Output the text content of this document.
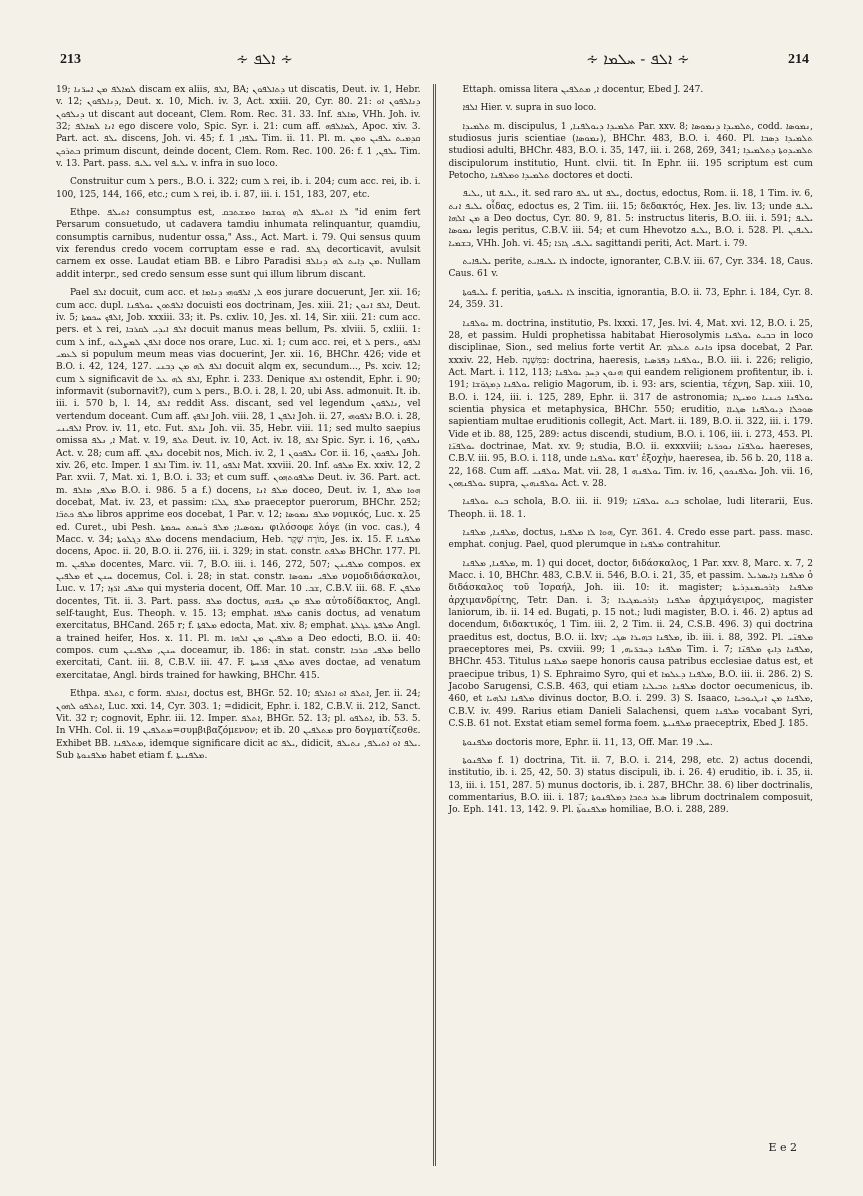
213	∻ ܐܠܦ ∻	∻ ܐܠܦ - ܚܠܡܐ ∻	214

19; ܠܡܐܠܦ ܡܢ ܐܚܪ̈ܢܐ discam ex aliis, ܐܠܦ, BA; ܕܬܐܠܦܘܢ ut discatis, Deut. iv. 1, Hebr. v. 12; ܕܢܐܠܦܘܢ, Deut. x. 10, Mich. iv. 3, Act. xxiii. 20, Cyr. 80. 21: ܕܢܐܠܦܘܢ ܐܘ ܕܢܠܦܘܢ ut discant aut doceant, Clem. Rom. Rec. 31. 33. Inf. ܡܐܠܦ, VHh. Joh. iv. 32; ܐܢܐ ܠܡܐܠܦ ego discere volo, Spic. Syr. i. 21: cum aff. ܠܡܐܠܦܗ, Apoc. xiv. 3. Part. act. ܝܠܦ discens, Joh. vi. 45; f. ܝܠܦܐ, 1 Tim. ii. 11. Pl. m. ܩܕܡܝܬ ܝܠܦܝܢ ܘܡܢ ܒܬܪܟܢ primum discunt, deinde docent, Clem. Rom. Rec. 100. 26: f. ܝܠܦܢ, 1 Tim. v. 13. Part. pass. ܝܠܝܦ vel ܝܠܝܦ v. infra in suo loco.

Construitur cum ܠ pers., B.O. i. 322; cum ܠ rei, ib. i. 204; cum acc. rei, ib. i. 100, 125, 144, 166, etc.; cum ܠ rei, ib. i. 87, iii. i. 151, 183, 207, etc.

Ethpe. ܐܬܝܠܦ consumptus est, ܠܐ ܐܬܝܠܦ ܠܗ ܓܘܫܡܐ ܘܡܫܬܒܩ "id enim fert Persarum consuetudo, ut cadavera tamdiu inhumata relinquantur, quamdiu, consumptis carnibus, nudentur ossa," Ass., Act. Mart. i. 79. Qui sensus quum vix ferendus credo vocem corruptam esse e rad. ܓܠܦ decorticavit, avulsit carnem ex osse. Laudat etiam BB. e Libro Paradisi ܡܢ ܕܐܝܬ ܠܗ ܕܢܐܠܦ. Nullam addit interpr., sed credo sensum esse sunt qui illum librum discant.

Pael ܐܠܦ docuit, cum acc. et ܠ, ܐܠܦܘܗܝ ܕܢܐܡܐ eos jurare docuerunt, Jer. xii. 16; cum acc. dupl. ܐܠܦܬܘܢ ܝܘܠܦܢܐ docuisti eos doctrinam, Jes. xiii. 21; ܐܠܦ ܐܢܘܢ, Deut. iv. 5; ܐܠܦܟ ܚܟܡܬܐ, Job. xxxiii. 33; it. Ps. cxliv. 10, Jes. xl. 14, Sir. xiii. 21: cum acc. pers. et ܠ rei, ܐܠܦ ܐܝܕܝ ܠܩܪܒܐ docuit manus meas bellum, Ps. xlviii. 5, cxliii. 1: cum ܠ inf., ܐܠܦܢ ܠܡܨܠܝܘ doce nos orare, Luc. xi. 1; cum acc. rei, et ܠ pers., ܐܠܦܘ ܠܥܡܝ si populum meum meas vias docuerint, Jer. xii. 16, BHChr. 426; vide et B.O. i. 42, 124, 127. ܐܠܦ ܠܗ ܡܢ ܕܒܢܝ docuit alqm ex, secundum..., Ps. xciv. 12; cum ܠ significavit de ܐܠܦ ܠܗ ܥܠ, Ephr. i. 233. Denique ܐܠܦ ostendit, Ephr. i. 90; informavit (subornavit?), cum ܠ pers., B.O. i. 28, l. 20, ubi Ass. admonuit. It. ib. iii. i. 570 b, l. 14, ܐܠܦ reddit Ass. discant, sed vel legendum ܢܐܠܦܘܢ, vel vertendum doceant. Cum aff. ܐܠܦܟ Joh. viii. 28, ܐܠܦܢ 1 Joh. ii. 27, ܐܠܦܘܗܝ B.O. i. 28, ܐܠܦܝܢܝ Prov. iv. 11, etc. Fut. ܢܐܠܦ Joh. vii. 35, Hebr. viii. 11; sed multo saepius omissa ܐ, ܢܠܦ Mat. v. 19, ܬܠܦ Deut. iv. 10, Act. iv. 18, ܐܠܦ Spic. Syr. i. 16, ܢܠܦܘܢ Act. v. 28; cum aff. ܢܠܦܢ docebit nos, Mich. iv. 2, ܢܠܦܟܘܢ 1 Cor. ii. 16, ܢܠܦܟܘܢ Joh. xiv. 26, etc. Imper. ܐܠܦ 1 Tim. iv. 11, ܐܠܦܘ Mat. xxviii. 20. Inf. ܡܠܦܘ Ex. xxiv. 12, 2 Par. xvii. 7, Mat. xi. 1, B.O. i. 33; et cum suff. ܡܠܦܘܬܗܘܢ Deut. iv. 36. Part. act. m. ܡܠܦ, ܡܐܠܦ B.O. i. 986. 5 a f.) docens, ܡܠܦ ܐܢܐ doceo, Deut. iv. 1, ܗܘܐ ܡܠܦ docebat, Mat. iv. 23, et passim: ܡܠܦ ܛܠܝ̈ܐ praeceptor puerorum, BHChr. 252; ܡܠܦ ܟܬܒ̈ܐ libros apprime eos docebat, 1 Par. v. 12; ܡܠܦ ܢܡܘܣܐ νομικός, Luc. x. 25 ed. Curet., ubi Pesh. ܢܡܘܣܝܐ; ܡܠܦ ܪܚܡܬ ܚܟܡܬܐ φιλόσοφε λόγε (in voc. cas.), 4 Macc. v. 34; ܡܠܦ ܕܓܠܘܬܐ docens mendacium, Heb. מוֹרֶה שֶׁקֶר, Jes. ix. 15. F. ܡܠܦܢܐ docens, Apoc. ii. 20, B.O. ii. 276, iii. i. 329; in stat. constr. ܡܠܦܬ BHChr. 177. Pl. m. ܡܠܦܝܢ docentes, Marc. vii. 7, B.O. iii. i. 146, 272, 507; ܡܠܦܝܢܢ compos. ex ܡܠܦܝܢ et ܚܢܢ docemus, Col. i. 28; in stat. constr. ܡܠܦܝ ܢܡܘܣܐ νομοδιδάσκαλοι, Luc. v. 17; ܡܠܦܝ ܐܪ̈ܙܐ qui mysteria docent, Off. Mar. ܫܒ. 10, C.B.V. iii. 68. F. ܡܠܦܢ docentes, Tit. ii. 3. Part. pass. ܡܠܦ doctus, ܡܠܦ ܡܢ ܢܦܫܗ αὐτοδίδακτος, Angl. self-taught, Eus. Theoph. v. 15. 13; emphat. ܡܠܦܐ canis doctus, ad venatum exercitatus, BHCand. 265 r; f. ܡܠܦܬܐ edocta, Mat. xiv. 8; emphat. ܡܠܦܬܐ ܥܓܠܬܐ Angl. a trained heifer, Hos. x. 11. Pl. m. ܡܠܦܝܢ ܡܢ ܐܠܗܐ a Deo edocti, B.O. ii. 40: compos. cum ܚܢܢ, ܡܠܦܝܢܢ doceamur, ib. 186: in stat. constr. ܡܠܦܝ ܩܪܒܐ bello exercitati, Cant. iii. 8, C.B.V. iii. 47. F. ܡܠܦܢ ܦܪ̈ܚܬܐ aves doctae, ad venatum exercitatae, Angl. birds trained for hawking, BHChr. 415.

Ethpa. ܐܬܠܦ, c form. ܐܬܐܠܦ, doctus est, BHGr. 52. 10; ܐܬܠܦ ܐܘ ܐܬܐܠܦ, Jer. ii. 24; ܐܬܠܦܘ ܠܗܘܢ, Luc. xxi. 14, Cyr. 303. 1; =didicit, Ephr. i. 182, C.B.V. ii. 212, Sanct. Vit. 32 r; cognovit, Ephr. iii. 12. Imper. ܐܬܠܦ, BHGr. 52. 13; pl. ܐܬܠܦܘ, ib. 53. 5. In VHh. Col. ii. 19 ܡܬܠܦܝܢ=συμβιβαζόμενον; et ib. 20 ܡܬܠܦܝܢ pro δογματίζεσθε. Exhibet BB. ܡܬܠܦܢܐ, idemque significare dicit ac ܝܠܦ, didicit, ܝܠܦ ܐܘ ܐܬܝܠܦ, ܢܬܝܠܦ. Sub ܡܠܦܢܘܬܐ habet etiam f. ܡܠܦܢܝܬܐ.

Ettaph. omissa litera ܐ, ܡܬܠܦܝܢ docentur, Ebed J. 247.

ܐܠܦܐ Hier. v. supra in suo loco.

ܬܠܡܝܕܐ m. discipulus, ܬܠܡܝܕܐ ܕܝܘܠܦܢܐ, 1 Par. xxv. 8; ܬܠܡܝܕܐ ܕܢܡܘܣܐ, codd. ܢܡܘܣܐ, studiosus juris scientiae (ܢܡܘܣܐ), BHChr. 483, B.O. i. 460. Pl. ܬܠܡܝܕܐ ܕܣܒܐ studiosi adulti, BHChr. 483, B.O. i. 35, 147, iii. i. 268, 269, 341; ܬܠܡܝܕܘܬܐ ܕܬܠܡܝܕܐ discipulorum institutio, Hunt. clvii. tit. In Ephr. iii. 195 scriptum est cum Petocho, ܬܠܡܝܕܐ ܘܡܠܦܢܐ doctores et docti.

ܝܠܝܦ, ut ܝܠܝܦ, it. sed raro ܝܠܦ ut ܝܠܦ, doctus, edoctus, Rom. ii. 18, 1 Tim. iv. 6, ܝܠܝܦ ܐܢܬ οἶδας, edoctus es, 2 Tim. iii. 15; δεδακτός, Hex. Jes. liv. 13; unde ܝܠܝܦ ܡܢ ܐܠܗܐ a Deo doctus, Cyr. 80. 9, 81. 5: instructus literis, B.O. iii. i. 591; ܝܠܝܦ ܢܡܘܣܐ legis peritus, C.B.V. iii. 54; et cum Hhevotzo ܝܠܝܦ, B.O. i. 528. Pl. ܝܠܝܦܝܢ ܒܫܡܝܐ, VHh. Joh. vi. 45; ܝܠܝܦܝ ܓܐܪ̈ܐ sagittandi periti, Act. Mart. i. 79.

ܝܠܝܦܐܝܬ perite, ܠܐ ܝܠܝܦܐܝܬ indocte, ignoranter, C.B.V. iii. 67, Cyr. 334. 18, Caus. Caus. 61 v.

ܝܠܝܦܘܬܐ f. peritia, ܠܐ ܝܠܝܦܘܬܐ inscitia, ignorantia, B.O. ii. 73, Ephr. i. 184, Cyr. 8. 24, 359. 31.

ܝܘܠܦܢܐ m. doctrina, institutio, Ps. lxxxi. 17, Jes. lvi. 4, Mat. xvi. 12, B.O. i. 25, 28, et passim. Huldi prophetissa habitabat Hierosolymis ܒܒܝܬ ܝܘܠܦܢܐ in loco disciplinae, Sion., sed melius forte vertit Ar. ܟܐܢܬ ܬܥܠܡ ipsa docebat, 2 Par. xxxiv. 22, Heb. בַּמִּשְׁנֶה: doctrina, haeresis, ܝܘܠܦܢܐ ܕܦܪ̈ܣܝܐ, B.O. iii. i. 226; religio, Act. Mart. i. 112, 113; ܗܢܘܢ ܕܚܕ ܝܘܠܦܢܐ qui eandem religionem profitentur, ib. i. 191; ܝܘܠܦܢܐ ܕܡܓܘ̈ܫܐ religio Magorum, ib. i. 93: ars, scientia, τέχνη, Sap. xiii. 10, B.O. i. 124, iii. i. 125, 289, Ephr. ii. 317 de astronomia; ܝܘܠܦܢܐ ܟܝܢܝܐ ܘܡܝܛܐ scientia physica et metaphysica, BHChr. 550; eruditio, ܣܘܟܠܐ ܕܝܘܠܦܢܐ ܣܓܝܐܐ sapientiam multae eruditionis collegit, Act. Mart. ii. 189, B.O. ii. 322, iii. i. 179. Vide et ib. 88, 125, 289: actus discendi, studium, B.O. i. 106, iii. i. 273, 453. Pl. ܝܘܠܦܢ̈ܐ doctrinae, Mat. xv. 9; studia, B.O. ii. exxxviii; ܝܘܠܦܢ̈ܐ ܢܘܟܪ̈ܝܐ haereses, C.B.V. iii. 95, B.O. i. 118, unde ܝܘܠܦܢܐ κατ' ἐξοχὴν, haeresea, ib. 56 b. 20, 118 a. 22, 168. Cum aff. ܝܘܠܦܢܝ Mat. vii. 28, ܝܘܠܦܢܗ 1 Tim. iv. 16, ܝܘܠܦܢܟܘܢ Joh. vii. 16, ܝܘܠܦܢܗܘܢ supra, ܝܘܠܦܢܗܝܢ Act. v. 28.

ܒܝܬ ܝܘܠܦܢܐ schola, B.O. iii. ii. 919; ܒܝܬ ܝܘܠܦܢ̈ܐ scholae, ludi literarii, Eus. Theoph. ii. 18. 1.

ܡܠܦܢܐ, ܡܠܦܢܐ, doctus, ܗܘܐ ܠܐ ܡܠܦܢܐ, Cyr. 361. 4. Credo esse part. pass. masc. emphat. conjug. Pael, quod plerumque in ܡܠܦܢܐ contrahitur.

ܡܠܦܢܐ, ܡܠܦܢܐ, m. 1) qui docet, doctor, διδάσκαλος, 1 Par. xxv. 8, Marc. x. 7, 2 Macc. i. 10, BHChr. 483, C.B.V. ii. 546, B.O. i. 21, 35, et passim. ܡܠܦܢܐ ܕܐܝܣܪܝܠ ὁ διδάσκαλος τοῦ Ἰσραήλ, Joh. iii. 10: it. magister; ܡܠܦܢܐ ܕܐܪܟܝܡܢܕܪܝܬܐ ἀρχιμανδρίτης, Tetr. Dan. i. 3; ܡܠܦܢܐ ܕܐܪܟܝܡܓܝܪܐ ἀρχιμάγειρος, magister laniorum, ib. ii. 14 ed. Bugati, p. 15 not.; ludi magister, B.O. i. 46. 2) aptus ad docendum, διδακτικός, 1 Tim. iii. 2, 2 Tim. ii. 24, C.S.B. 496. 3) qui doctrina praeditus est, doctus, B.O. ii. lxv; ܡܠܦܢܐ ܒܗܝܪܐ ܣܓܝ, ib. iii. i. 88, 392. Pl. ܡܠܦܢ̈ܝ praeceptores mei, Ps. cxviii. 99; ܡܠܦܢܐ ܕܚܒܪ̈ܝܗ, 1 Tim. i. 7; ܡܠܦܢܐ ܕܐܝܟ ܡܠܦܢ̈ܐ, BHChr. 453. Titulus ܡܠܦܢܐ saepe honoris causa patribus ecclesiae datus est, et praecipue tribus, 1) S. Ephraimo Syro, qui et ܡܠܦܢܐ ܕܥܠܡܐ, B.O. iii. ii. 286. 2) S. Jacobo Sarugensi, C.S.B. 463, qui etiam ܡܠܦܢܐ ܬܒܝܠܝܐ doctor oecumenicus, ib. 460, et ܡܠܦܢܐ ܐܠܗܝܐ divinus doctor, B.O. i. 299. 3) S. Isaaco, ܡܠܦܢܐ ܡܢ ܐܢܛܝܘܟܝܐ, C.B.V. iv. 499. Rarius etiam Danieli Salachensi, quem ܡܠܦܢܐ vocabant Syri, C.S.B. 61 not. Exstat etiam semel forma foem. ܡܠܦܢܝܬܐ praeceptrix, Ebed J. 185.

ܡܠܦܢܘܬܐ doctoris more, Ephr. ii. 11, 13, Off. Mar. ܚܠ. 19.

ܡܠܦܢܘܬܐ f. 1) doctrina, Tit. ii. 7, B.O. i. 214, 298, etc. 2) actus docendi, institutio, ib. i. 25, 42, 50. 3) status discipuli, ib. i. 26. 4) eruditio, ib. i. 35, ii. 13, iii. i. 151, 287. 5) munus doctoris, ib. i. 287, BHChr. 38. 6) liber doctrinalis, commentarius, B.O. iii. i. 187; ܣܥܪ ܟܬܒܐ ܕܡܠܦܢܘܬܐ librum doctrinalem composuit, Jo. Eph. 141. 13, 142. 9. Pl. ܡܠܦܢܘܬ̈ܐ homiliae, B.O. i. 288, 289.

E e 2
